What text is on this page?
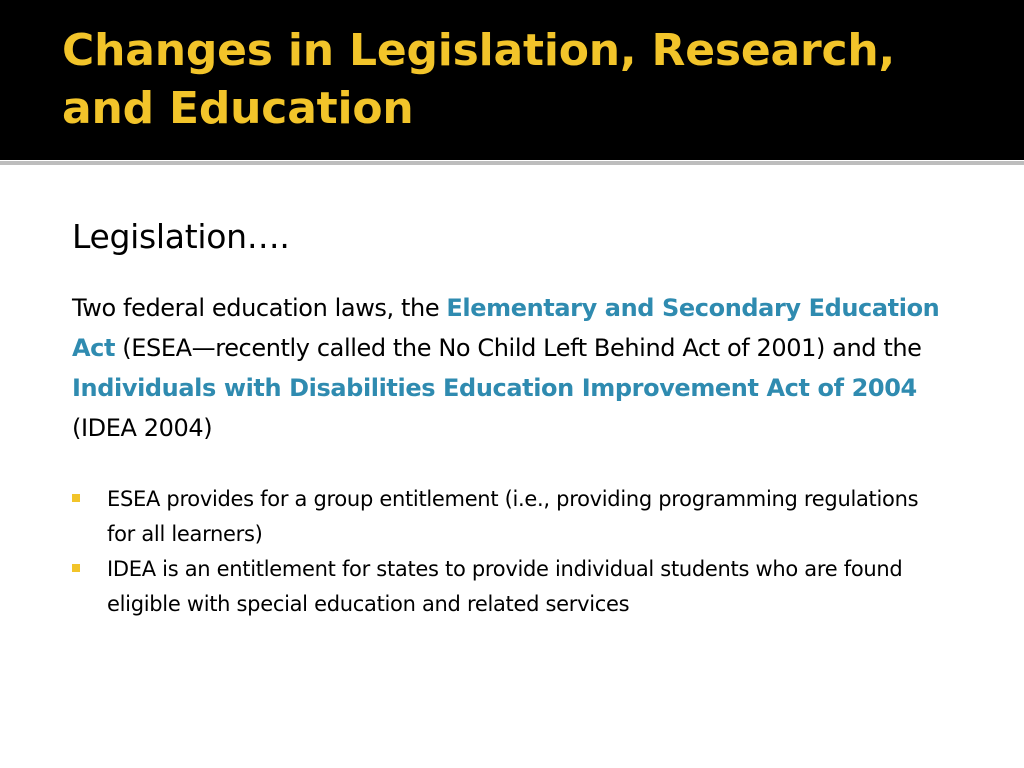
Changes in Legislation, Research, and Education
Legislation….

Two federal education laws, the Elementary and Secondary Education Act (ESEA—recently called the No Child Left Behind Act of 2001) and the Individuals with Disabilities Education Improvement Act of 2004 (IDEA 2004)

ESEA provides for a group entitlement (i.e., providing programming regulations for all learners)
IDEA is an entitlement for states to provide individual students who are found eligible with special education and related services
